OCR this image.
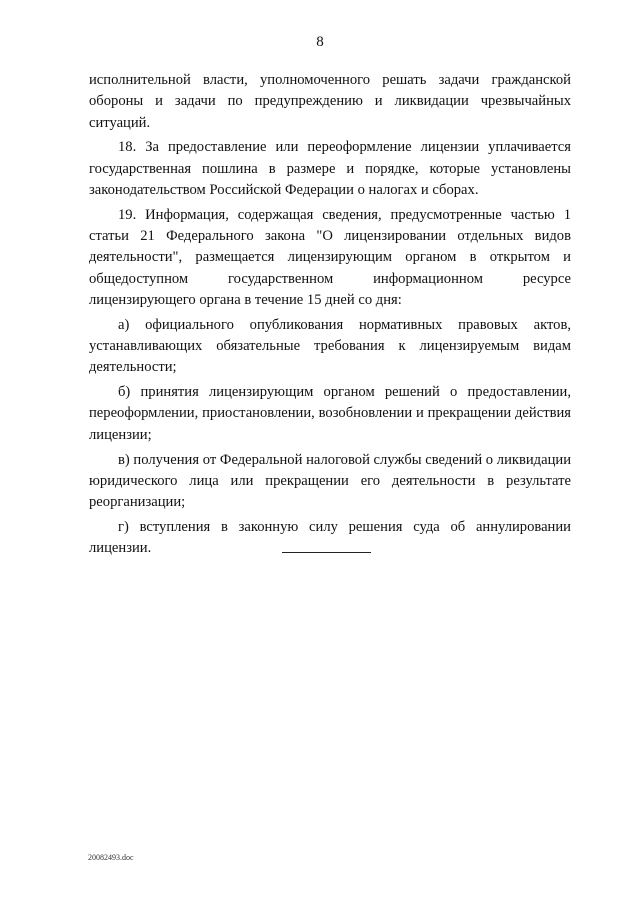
8

исполнительной власти, уполномоченного решать задачи гражданской обороны и задачи по предупреждению и ликвидации чрезвычайных ситуаций.

18. За предоставление или переоформление лицензии уплачивается государственная пошлина в размере и порядке, которые установлены законодательством Российской Федерации о налогах и сборах.

19. Информация, содержащая сведения, предусмотренные частью 1 статьи 21 Федерального закона "О лицензировании отдельных видов деятельности", размещается лицензирующим органом в открытом и общедоступном государственном информационном ресурсе лицензирующего органа в течение 15 дней со дня:

а) официального опубликования нормативных правовых актов, устанавливающих обязательные требования к лицензируемым видам деятельности;

б) принятия лицензирующим органом решений о предоставлении, переоформлении, приостановлении, возобновлении и прекращении действия лицензии;

в) получения от Федеральной налоговой службы сведений о ликвидации юридического лица или прекращении его деятельности в результате реорганизации;

г) вступления в законную силу решения суда об аннулировании лицензии.

20082493.doc
